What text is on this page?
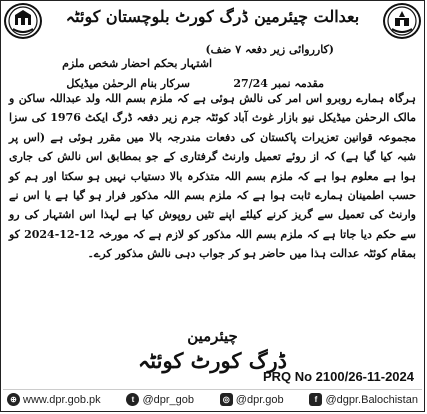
بعدالت چیئرمین ڈرگ کورٹ بلوچستان کوئٹہ
(کارروائی زیر دفعہ ۷ ضف)
اشتہار بحکم احضار شخص ملزم
مقدمہ نمبر 27/24
سرکار بنام الرحمٰن میڈیکل

ہرگاہ ہمارے روبرو اس امر کی نالش ہوئی ہے کہ ملزم بسم اللہ ولد عبداللہ ساکن و مالک الرحمٰن میڈیکل نیو بازار غوث آباد کوئٹہ جرم زیر دفعہ ڈرگ ایکٹ 1976 کی سزا مجموعہ قوانین تعزیرات پاکستان کی دفعات مندرجہ بالا میں مقرر ہوئی ہے (اس پر شبہ کیا گیا ہے) کہ از روئے تعمیل وارنٹ گرفتاری کے جو بمطابق اس نالش کی جاری ہوا ہے معلوم ہوا ہے کہ ملزم بسم اللہ متذکرہ بالا دستیاب نہیں ہو سکتا اور ہم کو حسب اطمینان ہمارے ثابت ہوا ہے کہ ملزم بسم اللہ مذکور فرار ہو گیا ہے یا اس نے وارنٹ کی تعمیل سے گریز کرنے کیلئے اپنے تئیں روپوش کیا ہے لہذا اس اشتہار کی رو سے حکم دیا جاتا ہے کہ ملزم بسم اللہ مذکور کو لازم ہے کہ مورخہ 12-12-2024 کو بمقام کوئٹہ عدالت ہذا میں حاضر ہو کر جواب دہی نالش مذکور کرے۔

چیئرمین
ڈرگ کورٹ کوئٹہ
PRQ No 2100/26-11-2024
⊕ www.dpr.gob.pk	t @dpr_gob	◎ @dpr.gob	f @dgpr.Balochistan
